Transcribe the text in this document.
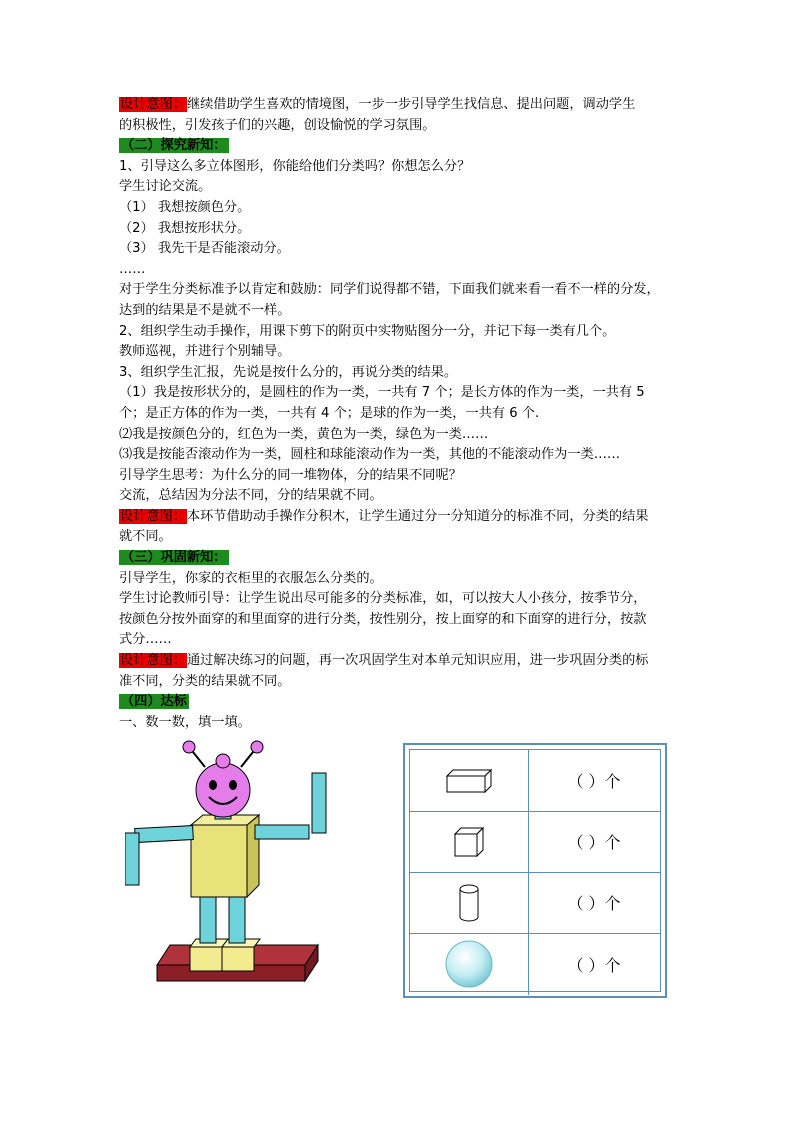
设计意图：继续借助学生喜欢的情境图，一步一步引导学生找信息、提出问题，调动学生
的积极性，引发孩子们的兴趣，创设愉悦的学习氛围。
（二）探究新知：
1、引导这么多立体图形，你能给他们分类吗？你想怎么分？
学生讨论交流。
（1） 我想按颜色分。
（2） 我想按形状分。
（3） 我先干是否能滚动分。
……
对于学生分类标准予以肯定和鼓励：同学们说得都不错，下面我们就来看一看不一样的分发，
达到的结果是不是就不一样。
2、组织学生动手操作，用课下剪下的附页中实物贴图分一分，并记下每一类有几个。
教师巡视，并进行个别辅导。
3、组织学生汇报，先说是按什么分的，再说分类的结果。
（1）我是按形状分的，是圆柱的作为一类，一共有 7 个；是长方体的作为一类，一共有 5
个；是正方体的作为一类，一共有 4 个；是球的作为一类，一共有 6 个.
⑵我是按颜色分的，红色为一类，黄色为一类，绿色为一类……
⑶我是按能否滚动作为一类，圆柱和球能滚动作为一类，其他的不能滚动作为一类……
引导学生思考：为什么分的同一堆物体，分的结果不同呢？
交流，总结因为分法不同，分的结果就不同。
设计意图：本环节借助动手操作分积木，让学生通过分一分知道分的标准不同，分类的结果
就不同。
（三）巩固新知：
引导学生，你家的衣柜里的衣服怎么分类的。
学生讨论教师引导：让学生说出尽可能多的分类标准，如，可以按大人小孩分，按季节分，
按颜色分按外面穿的和里面穿的进行分类，按性别分，按上面穿的和下面穿的进行分，按款
式分……
设计意图：通过解决练习的问题，再一次巩固学生对本单元知识应用，进一步巩固分类的标
准不同，分类的结果就不同。
（四）达标
一、数一数，填一填。
（ ）个
（ ）个
（ ）个
（ ）个
